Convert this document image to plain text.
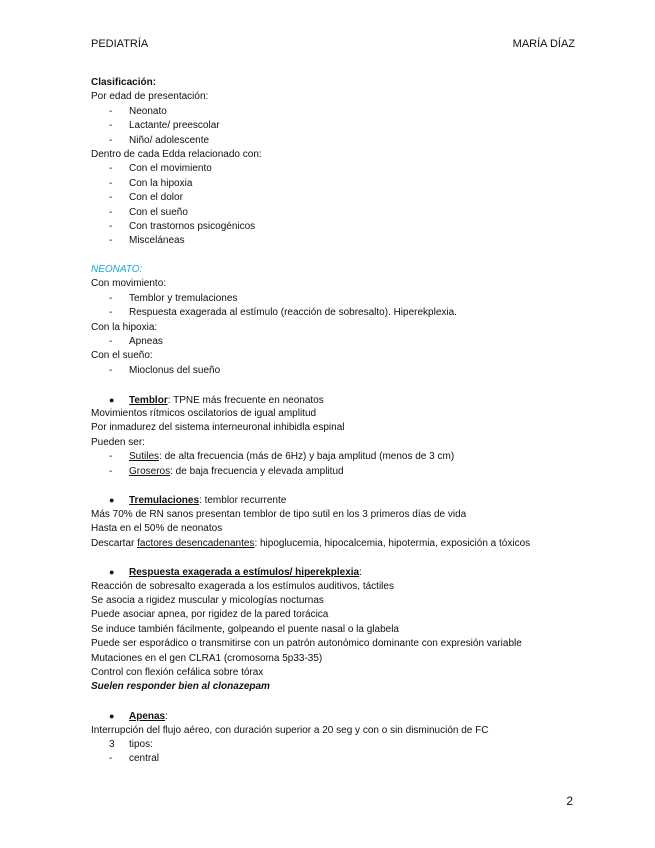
PEDIATRÍA	MARÍA DÍAZ
Clasificación:
Por edad de presentación:
- Neonato
- Lactante/ preescolar
- Niño/ adolescente
Dentro de cada Edda relacionado con:
- Con el movimiento
- Con la hipoxia
- Con el dolor
- Con el sueño
- Con trastornos psicogénicos
- Misceláneas
NEONATO:
Con movimiento:
- Temblor y tremulaciones
- Respuesta exagerada al estímulo (reacción de sobresalto). Hiperekplexia.
Con la hipoxia:
- Apneas
Con el sueño:
- Mioclonus del sueño
● Temblor: TPNE más frecuente en neonatos
Movimientos rítmicos oscilatorios de igual amplitud
Por inmadurez del sistema interneuronal inhibidla espinal
Pueden ser:
- Sutiles: de alta frecuencia (más de 6Hz) y baja amplitud (menos de 3 cm)
- Groseros: de baja frecuencia y elevada amplitud
● Tremulaciones: temblor recurrente
Más 70% de RN sanos presentan temblor de tipo sutil en los 3 primeros días de vida
Hasta en el 50% de neonatos
Descartar factores desencadenantes: hipoglucemia, hipocalcemia, hipotermia, exposición a tóxicos
● Respuesta exagerada a estímulos/ hiperekplexia:
Reacción de sobresalto exagerada a los estímulos auditivos, táctiles
Se asocia a rigidez muscular y micologías nocturnas
Puede asociar apnea, por rigidez de la pared torácica
Se induce también fácilmente, golpeando el puente nasal o la glabela
Puede ser esporádico o transmitirse con un patrón autonómico dominante con expresión variable
Mutaciones en el gen CLRA1 (cromosoma 5p33-35)
Control con flexión cefálica sobre tórax
Suelen responder bien al clonazepam
● Apenas:
Interrupción del flujo aéreo, con duración superior a 20 seg y con o sin disminución de FC
3 tipos:
- central
2
